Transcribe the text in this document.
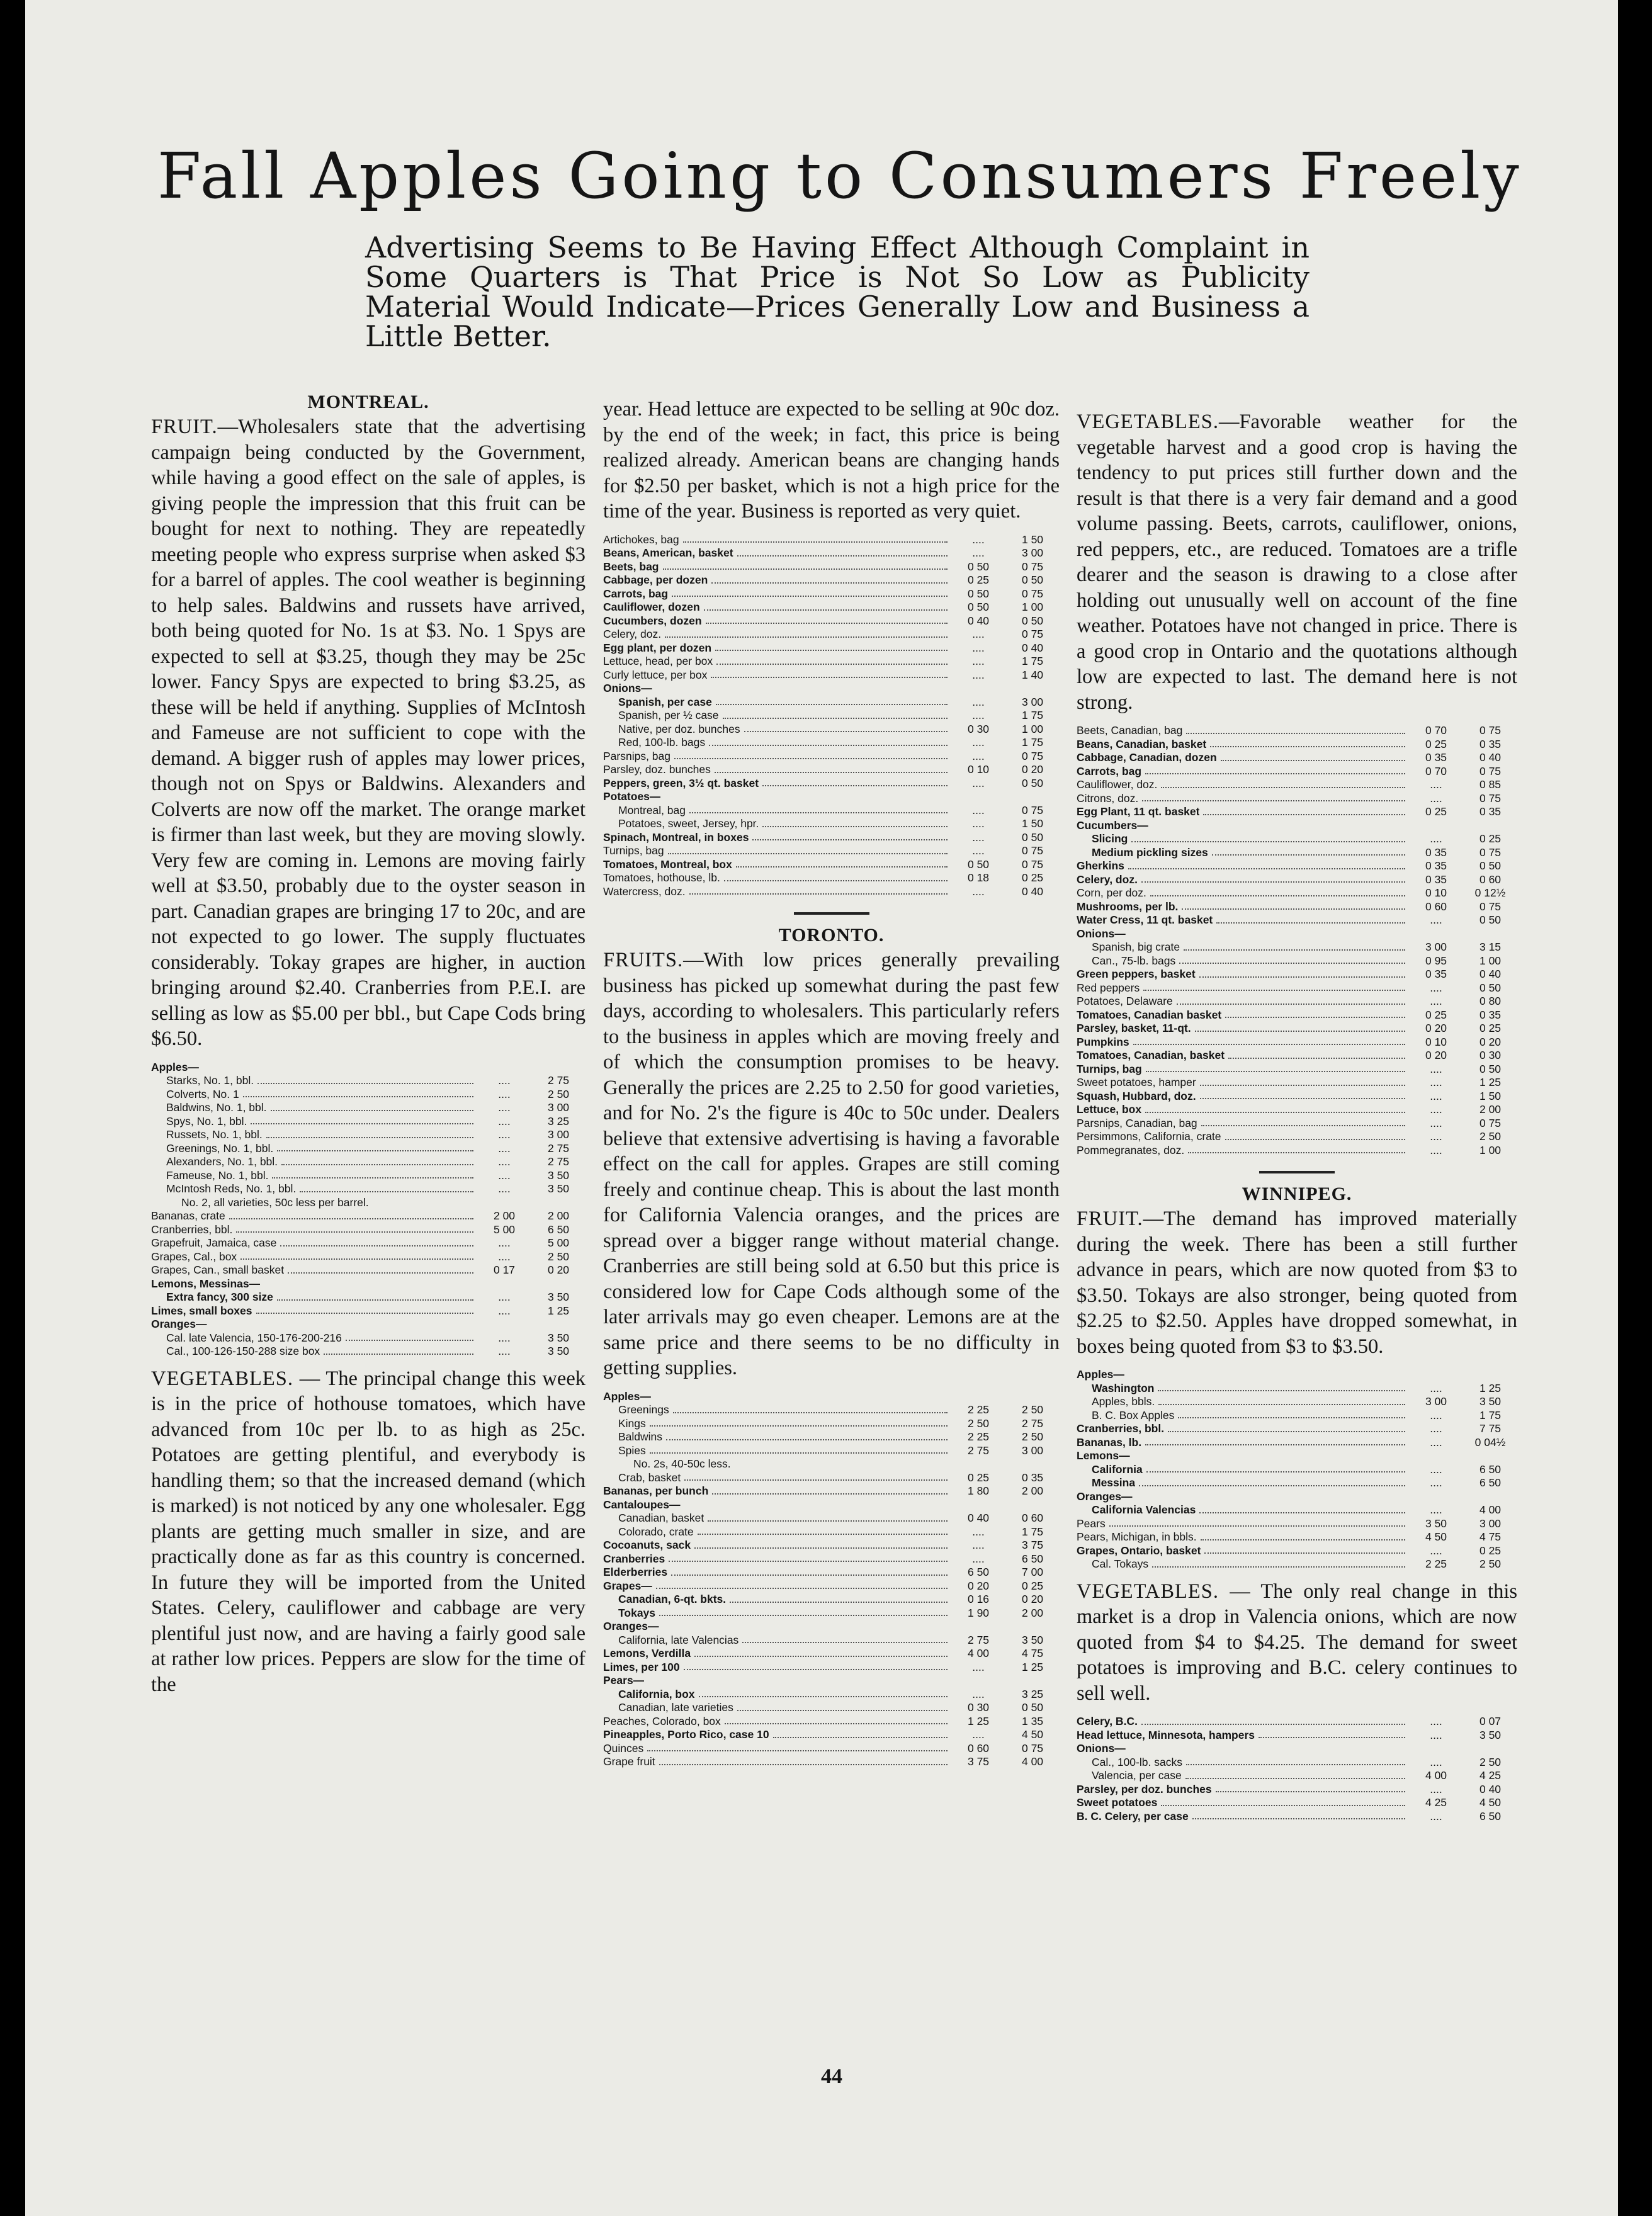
Fall Apples Going to Consumers Freely
Advertising Seems to Be Having Effect Although Complaint in Some Quarters is That Price is Not So Low as Publicity Material Would Indicate—Prices Generally Low and Business a Little Better.
MONTREAL.

FRUIT.—Wholesalers state that the advertising campaign being conducted by the Government, while having a good effect on the sale of apples, is giving people the impression that this fruit can be bought for next to nothing. They are repeatedly meeting people who express surprise when asked $3 for a barrel of apples. The cool weather is beginning to help sales. Baldwins and russets have arrived, both being quoted for No. 1s at $3. No. 1 Spys are expected to sell at $3.25, though they may be 25c lower. Fancy Spys are expected to bring $3.25, as these will be held if anything. Supplies of McIntosh and Fameuse are not sufficient to cope with the demand. A bigger rush of apples may lower prices, though not on Spys or Baldwins. Alexanders and Colverts are now off the market. The orange market is firmer than last week, but they are moving slowly. Very few are coming in. Lemons are moving fairly well at $3.50, probably due to the oyster season in part. Canadian grapes are bringing 17 to 20c, and are not expected to go lower. The supply fluctuates considerably. Tokay grapes are higher, in auction bringing around $2.40. Cranberries from P.E.I. are selling as low as $5.00 per bbl., but Cape Cods bring $6.50.

Apples—
Starks, No. 1, bbl.	....	2 75
Colverts, No. 1	....	2 50
Baldwins, No. 1, bbl.	....	3 00
Spys, No. 1, bbl.	....	3 25
Russets, No. 1, bbl.	....	3 00
Greenings, No. 1, bbl.	....	2 75
Alexanders, No. 1, bbl.	....	2 75
Fameuse, No. 1, bbl.	....	3 50
McIntosh Reds, No. 1, bbl.	....	3 50
No. 2, all varieties, 50c less per barrel.
Bananas, crate	2 00	2 00
Cranberries, bbl.	5 00	6 50
Grapefruit, Jamaica, case	....	5 00
Grapes, Cal., box	....	2 50
Grapes, Can., small basket	0 17	0 20
Lemons, Messinas—
Extra fancy, 300 size	....	3 50
Limes, small boxes	....	1 25
Oranges—
Cal. late Valencia, 150-176-200-216	....	3 50
Cal., 100-126-150-288 size box	....	3 50

VEGETABLES. — The principal change this week is in the price of hothouse tomatoes, which have advanced from 10c per lb. to as high as 25c. Potatoes are getting plentiful, and everybody is handling them; so that the increased demand (which is marked) is not noticed by any one wholesaler. Egg plants are getting much smaller in size, and are practically done as far as this country is concerned. In future they will be imported from the United States. Celery, cauliflower and cabbage are very plentiful just now, and are having a fairly good sale at rather low prices. Peppers are slow for the time of the

year. Head lettuce are expected to be selling at 90c doz. by the end of the week; in fact, this price is being realized already. American beans are changing hands for $2.50 per basket, which is not a high price for the time of the year. Business is reported as very quiet.

Artichokes, bag	....	1 50
Beans, American, basket	....	3 00
Beets, bag	0 50	0 75
Cabbage, per dozen	0 25	0 50
Carrots, bag	0 50	0 75
Cauliflower, dozen	0 50	1 00
Cucumbers, dozen	0 40	0 50
Celery, doz.	....	0 75
Egg plant, per dozen	....	0 40
Lettuce, head, per box	....	1 75
Curly lettuce, per box	....	1 40
Onions—
Spanish, per case	....	3 00
Spanish, per ½ case	....	1 75
Native, per doz. bunches	0 30	1 00
Red, 100-lb. bags	....	1 75
Parsnips, bag	....	0 75
Parsley, doz. bunches	0 10	0 20
Peppers, green, 3½ qt. basket	....	0 50
Potatoes—
Montreal, bag	....	0 75
Potatoes, sweet, Jersey, hpr.	....	1 50
Spinach, Montreal, in boxes	....	0 50
Turnips, bag	....	0 75
Tomatoes, Montreal, box	0 50	0 75
Tomatoes, hothouse, lb.	0 18	0 25
Watercress, doz.	....	0 40
TORONTO.

FRUITS.—With low prices generally prevailing business has picked up somewhat during the past few days, according to wholesalers. This particularly refers to the business in apples which are moving freely and of which the consumption promises to be heavy. Generally the prices are 2.25 to 2.50 for good varieties, and for No. 2's the figure is 40c to 50c under. Dealers believe that extensive advertising is having a favorable effect on the call for apples. Grapes are still coming freely and continue cheap. This is about the last month for California Valencia oranges, and the prices are spread over a bigger range without material change. Cranberries are still being sold at 6.50 but this price is considered low for Cape Cods although some of the later arrivals may go even cheaper. Lemons are at the same price and there seems to be no difficulty in getting supplies.

Apples—
Greenings	2 25	2 50
Kings	2 50	2 75
Baldwins	2 25	2 50
Spies	2 75	3 00
No. 2s, 40-50c less.
Crab, basket	0 25	0 35
Bananas, per bunch	1 80	2 00
Cantaloupes—
Canadian, basket	0 40	0 60
Colorado, crate	....	1 75
Cocoanuts, sack	....	3 75
Cranberries	....	6 50
Elderberries	6 50	7 00
Grapes—	0 20	0 25
Canadian, 6-qt. bkts.	0 16	0 20
Tokays	1 90	2 00
Oranges—
California, late Valencias	2 75	3 50
Lemons, Verdilla	4 00	4 75
Limes, per 100	....	1 25
Pears—
California, box	....	3 25
Canadian, late varieties	0 30	0 50
Peaches, Colorado, box	1 25	1 35
Pineapples, Porto Rico, case 10	....	4 50
Quinces	0 60	0 75
Grape fruit	3 75	4 00

VEGETABLES.—Favorable weather for the vegetable harvest and a good crop is having the tendency to put prices still further down and the result is that there is a very fair demand and a good volume passing. Beets, carrots, cauliflower, onions, red peppers, etc., are reduced. Tomatoes are a trifle dearer and the season is drawing to a close after holding out unusually well on account of the fine weather. Potatoes have not changed in price. There is a good crop in Ontario and the quotations although low are expected to last. The demand here is not strong.

Beets, Canadian, bag	0 70	0 75
Beans, Canadian, basket	0 25	0 35
Cabbage, Canadian, dozen	0 35	0 40
Carrots, bag	0 70	0 75
Cauliflower, doz.	....	0 85
Citrons, doz.	....	0 75
Egg Plant, 11 qt. basket	0 25	0 35
Cucumbers—
Slicing	....	0 25
Medium pickling sizes	0 35	0 75
Gherkins	0 35	0 50
Celery, doz.	0 35	0 60
Corn, per doz.	0 10	0 12½
Mushrooms, per lb.	0 60	0 75
Water Cress, 11 qt. basket	....	0 50
Onions—
Spanish, big crate	3 00	3 15
Can., 75-lb. bags	0 95	1 00
Green peppers, basket	0 35	0 40
Red peppers	....	0 50
Potatoes, Delaware	....	0 80
Tomatoes, Canadian basket	0 25	0 35
Parsley, basket, 11-qt.	0 20	0 25
Pumpkins	0 10	0 20
Tomatoes, Canadian, basket	0 20	0 30
Turnips, bag	....	0 50
Sweet potatoes, hamper	....	1 25
Squash, Hubbard, doz.	....	1 50
Lettuce, box	....	2 00
Parsnips, Canadian, bag	....	0 75
Persimmons, California, crate	....	2 50
Pommegranates, doz.	....	1 00
WINNIPEG.

FRUIT.—The demand has improved materially during the week. There has been a still further advance in pears, which are now quoted from $3 to $3.50. Tokays are also stronger, being quoted from $2.25 to $2.50. Apples have dropped somewhat, in boxes being quoted from $3 to $3.50.

Apples—
Washington	....	1 25
Apples, bbls.	3 00	3 50
B. C. Box Apples	....	1 75
Cranberries, bbl.	....	7 75
Bananas, lb.	....	0 04½
Lemons—
California	....	6 50
Messina	....	6 50
Oranges—
California Valencias	....	4 00
Pears	3 50	3 00
Pears, Michigan, in bbls.	4 50	4 75
Grapes, Ontario, basket	....	0 25
Cal. Tokays	2 25	2 50

VEGETABLES. — The only real change in this market is a drop in Valencia onions, which are now quoted from $4 to $4.25. The demand for sweet potatoes is improving and B.C. celery continues to sell well.

Celery, B.C.	....	0 07
Head lettuce, Minnesota, hampers	....	3 50
Onions—
Cal., 100-lb. sacks	....	2 50
Valencia, per case	4 00	4 25
Parsley, per doz. bunches	....	0 40
Sweet potatoes	4 25	4 50
B. C. Celery, per case	....	6 50
44
